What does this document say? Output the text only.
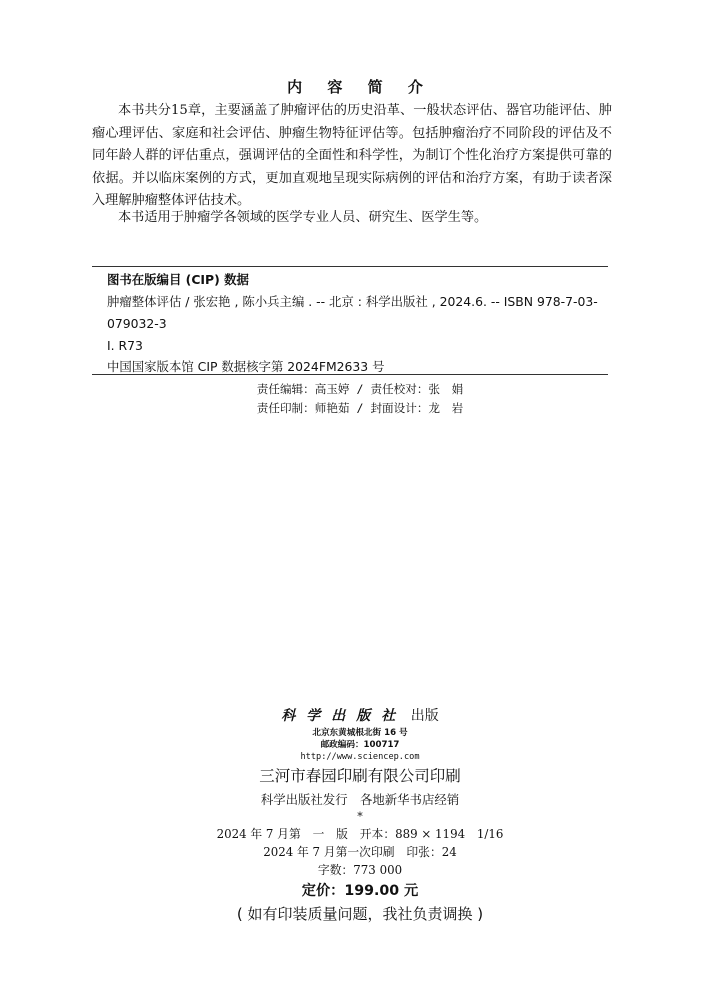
内 容 简 介

本书共分15章，主要涵盖了肿瘤评估的历史沿革、一般状态评估、器官功能评估、肿瘤心理评估、家庭和社会评估、肿瘤生物特征评估等。包括肿瘤治疗不同阶段的评估及不同年龄人群的评估重点，强调评估的全面性和科学性，为制订个性化治疗方案提供可靠的依据。并以临床案例的方式，更加直观地呈现实际病例的评估和治疗方案，有助于读者深入理解肿瘤整体评估技术。

本书适用于肿瘤学各领域的医学专业人员、研究生、医学生等。

图书在版编目 (CIP) 数据
肿瘤整体评估 / 张宏艳 , 陈小兵主编 . -- 北京 : 科学出版社 , 2024.6. -- ISBN 978-7-03-079032-3
Ⅰ. R73
中国国家版本馆 CIP 数据核字第 2024FM2633 号
责任编辑：高玉婷 / 责任校对：张　娟
责任印制：师艳茹 / 封面设计：龙　岩
科学出版社 出版
北京东黄城根北街 16 号
邮政编码：100717
http://www.sciencep.com
三河市春园印刷有限公司印刷
科学出版社发行　各地新华书店经销
*
2024 年 7 月第　一　版　开本：889 × 1194　1/16
2024 年 7 月第一次印刷　印张：24
字数：773 000
定价：199.00 元
( 如有印装质量问题，我社负责调换 )
